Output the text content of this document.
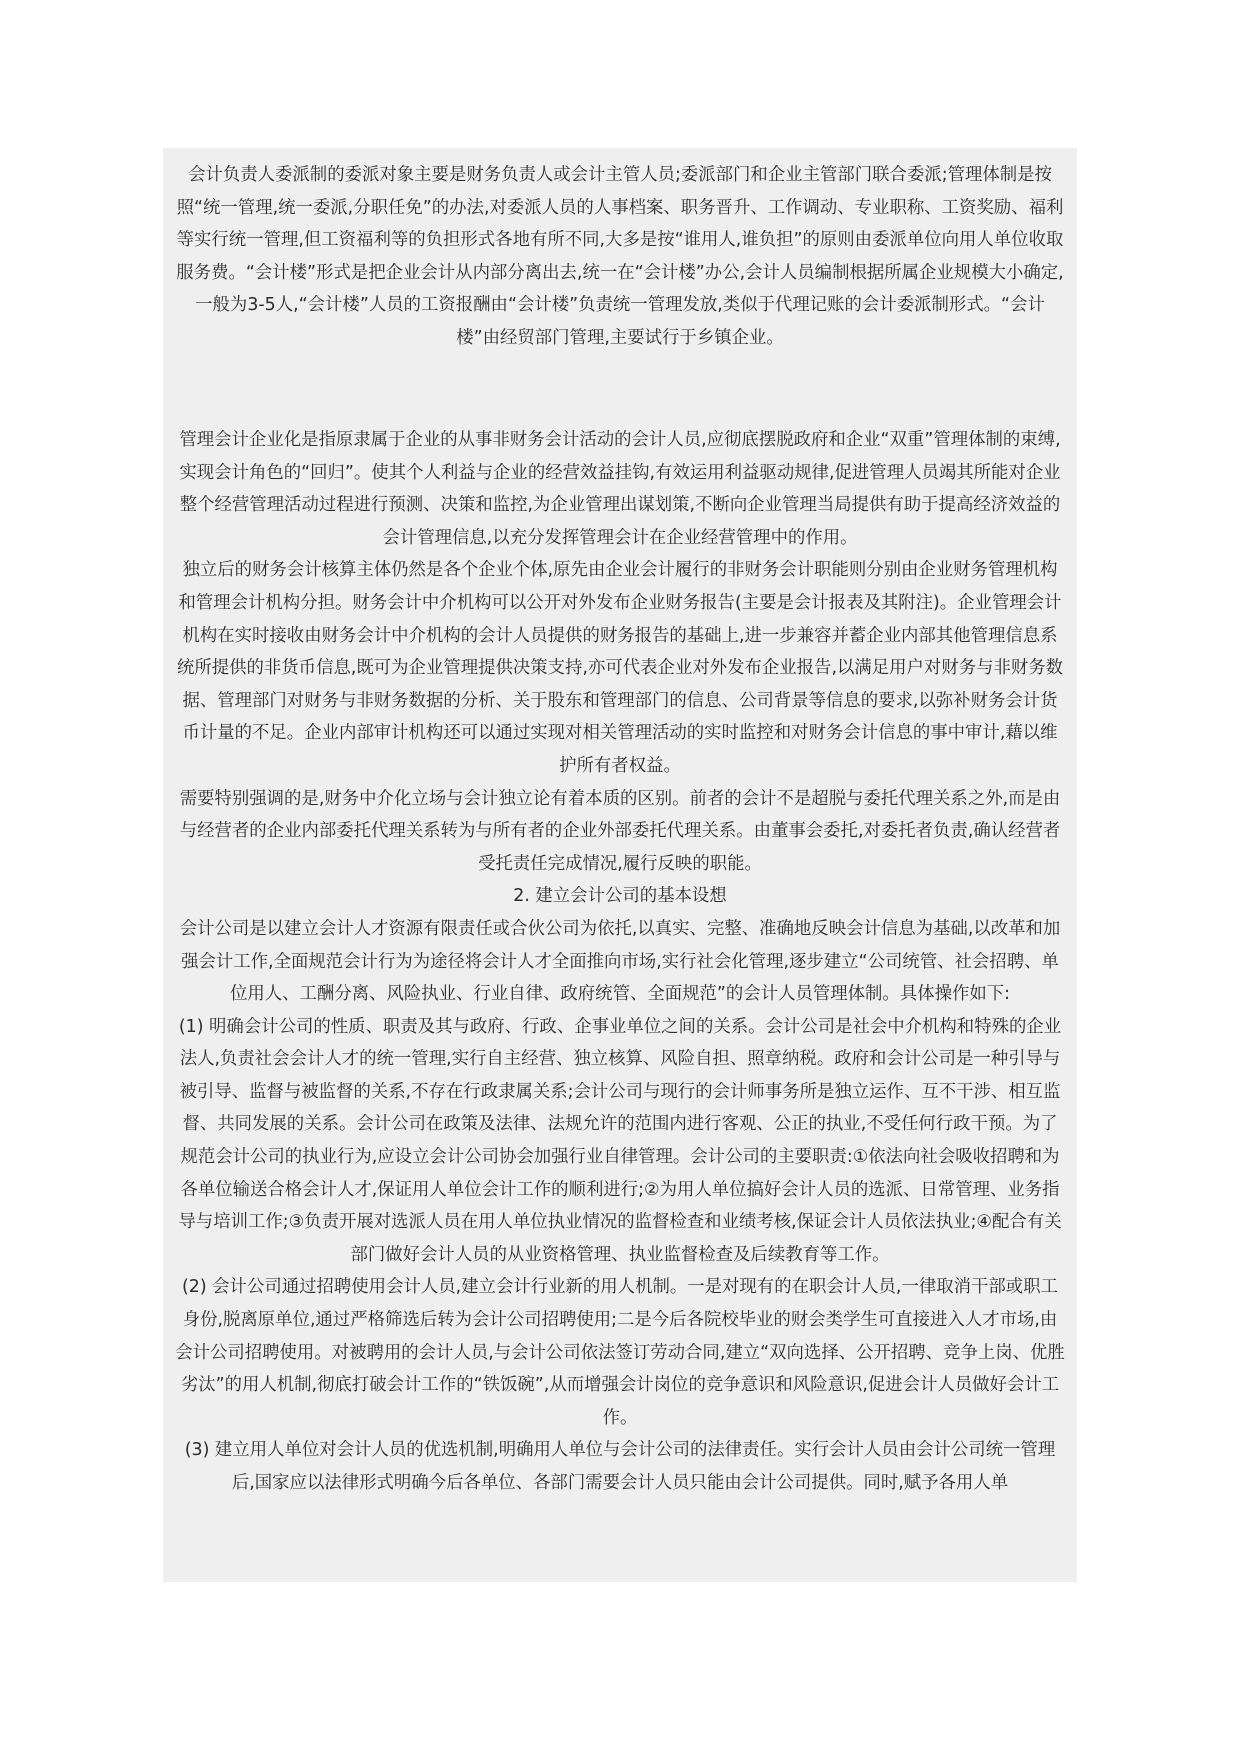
会计负责人委派制的委派对象主要是财务负责人或会计主管人员;委派部门和企业主管部门联合委派;管理体制是按照“统一管理,统一委派,分职任免”的办法,对委派人员的人事档案、职务晋升、工作调动、专业职称、工资奖励、福利等实行统一管理,但工资福利等的负担形式各地有所不同,大多是按“谁用人,谁负担”的原则由委派单位向用人单位收取服务费。“会计楼”形式是把企业会计从内部分离出去,统一在“会计楼”办公,会计人员编制根据所属企业规模大小确定,一般为3-5人,“会计楼”人员的工资报酬由“会计楼”负责统一管理发放,类似于代理记账的会计委派制形式。“会计楼”由经贸部门管理,主要试行于乡镇企业。

管理会计企业化是指原隶属于企业的从事非财务会计活动的会计人员,应彻底摆脱政府和企业“双重”管理体制的束缚,实现会计角色的“回归”。使其个人利益与企业的经营效益挂钩,有效运用利益驱动规律,促进管理人员竭其所能对企业整个经营管理活动过程进行预测、决策和监控,为企业管理出谋划策,不断向企业管理当局提供有助于提高经济效益的会计管理信息,以充分发挥管理会计在企业经营管理中的作用。

独立后的财务会计核算主体仍然是各个企业个体,原先由企业会计履行的非财务会计职能则分别由企业财务管理机构和管理会计机构分担。财务会计中介机构可以公开对外发布企业财务报告(主要是会计报表及其附注)。企业管理会计机构在实时接收由财务会计中介机构的会计人员提供的财务报告的基础上,进一步兼容并蓄企业内部其他管理信息系统所提供的非货币信息,既可为企业管理提供决策支持,亦可代表企业对外发布企业报告,以满足用户对财务与非财务数据、管理部门对财务与非财务数据的分析、关于股东和管理部门的信息、公司背景等信息的要求,以弥补财务会计货币计量的不足。企业内部审计机构还可以通过实现对相关管理活动的实时监控和对财务会计信息的事中审计,藉以维护所有者权益。

需要特别强调的是,财务中介化立场与会计独立论有着本质的区别。前者的会计不是超脱与委托代理关系之外,而是由与经营者的企业内部委托代理关系转为与所有者的企业外部委托代理关系。由董事会委托,对委托者负责,确认经营者受托责任完成情况,履行反映的职能。

2. 建立会计公司的基本设想

会计公司是以建立会计人才资源有限责任或合伙公司为依托,以真实、完整、准确地反映会计信息为基础,以改革和加强会计工作,全面规范会计行为为途径将会计人才全面推向市场,实行社会化管理,逐步建立“公司统管、社会招聘、单位用人、工酬分离、风险执业、行业自律、政府统管、全面规范”的会计人员管理体制。具体操作如下:

(1) 明确会计公司的性质、职责及其与政府、行政、企事业单位之间的关系。会计公司是社会中介机构和特殊的企业法人,负责社会会计人才的统一管理,实行自主经营、独立核算、风险自担、照章纳税。政府和会计公司是一种引导与被引导、监督与被监督的关系,不存在行政隶属关系;会计公司与现行的会计师事务所是独立运作、互不干涉、相互监督、共同发展的关系。会计公司在政策及法律、法规允许的范围内进行客观、公正的执业,不受任何行政干预。为了规范会计公司的执业行为,应设立会计公司协会加强行业自律管理。会计公司的主要职责:①依法向社会吸收招聘和为各单位输送合格会计人才,保证用人单位会计工作的顺利进行;②为用人单位搞好会计人员的选派、日常管理、业务指导与培训工作;③负责开展对选派人员在用人单位执业情况的监督检查和业绩考核,保证会计人员依法执业;④配合有关部门做好会计人员的从业资格管理、执业监督检查及后续教育等工作。

(2) 会计公司通过招聘使用会计人员,建立会计行业新的用人机制。一是对现有的在职会计人员,一律取消干部或职工身份,脱离原单位,通过严格筛选后转为会计公司招聘使用;二是今后各院校毕业的财会类学生可直接进入人才市场,由会计公司招聘使用。对被聘用的会计人员,与会计公司依法签订劳动合同,建立“双向选择、公开招聘、竞争上岗、优胜劣汰”的用人机制,彻底打破会计工作的“铁饭碗”,从而增强会计岗位的竞争意识和风险意识,促进会计人员做好会计工作。

(3) 建立用人单位对会计人员的优选机制,明确用人单位与会计公司的法律责任。实行会计人员由会计公司统一管理后,国家应以法律形式明确今后各单位、各部门需要会计人员只能由会计公司提供。同时,赋予各用人单
